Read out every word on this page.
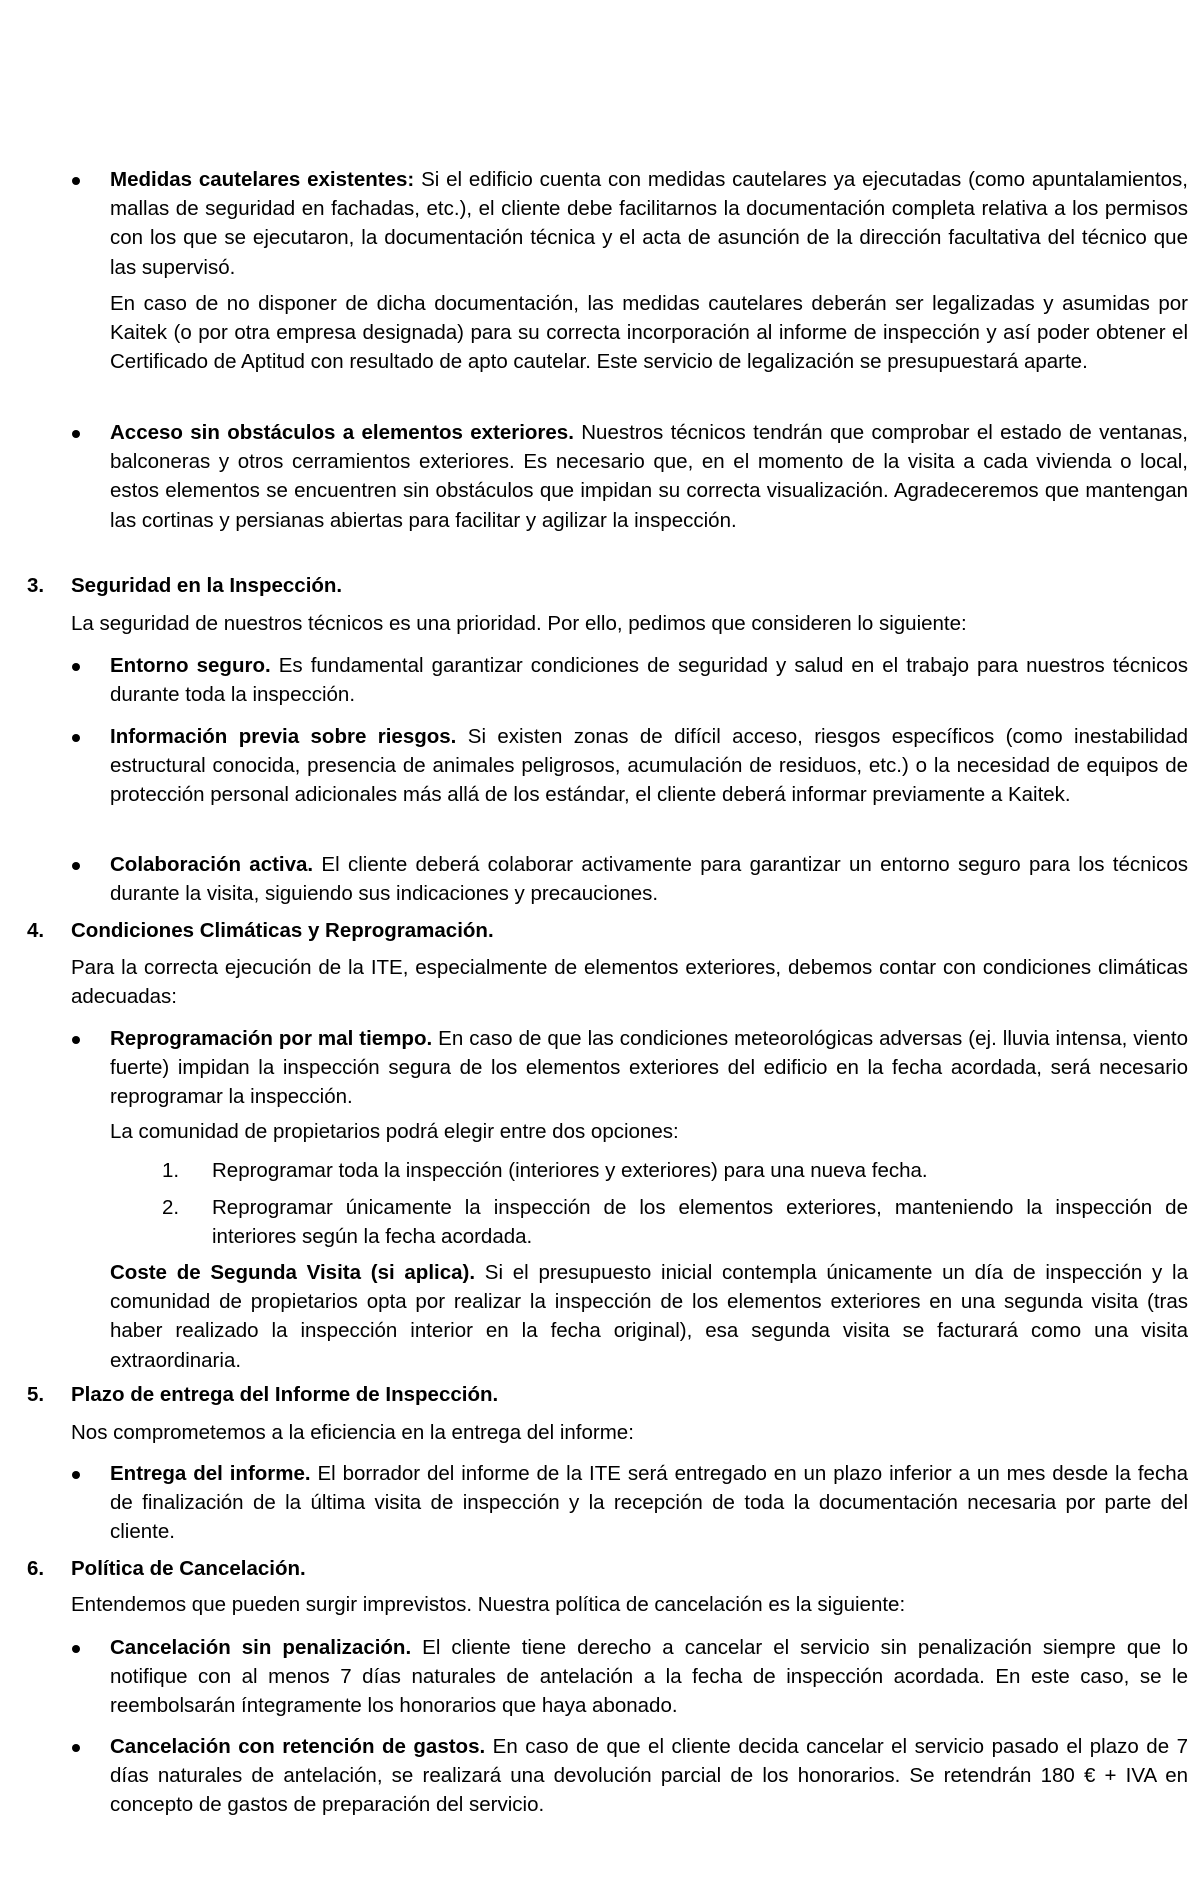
Medidas cautelares existentes: Si el edificio cuenta con medidas cautelares ya ejecutadas (como apuntalamientos, mallas de seguridad en fachadas, etc.), el cliente debe facilitarnos la documentación completa relativa a los permisos con los que se ejecutaron, la documentación técnica y el acta de asunción de la dirección facultativa del técnico que las supervisó.
En caso de no disponer de dicha documentación, las medidas cautelares deberán ser legalizadas y asumidas por Kaitek (o por otra empresa designada) para su correcta incorporación al informe de inspección y así poder obtener el Certificado de Aptitud con resultado de apto cautelar. Este servicio de legalización se presupuestará aparte.
Acceso sin obstáculos a elementos exteriores. Nuestros técnicos tendrán que comprobar el estado de ventanas, balconeras y otros cerramientos exteriores. Es necesario que, en el momento de la visita a cada vivienda o local, estos elementos se encuentren sin obstáculos que impidan su correcta visualización. Agradeceremos que mantengan las cortinas y persianas abiertas para facilitar y agilizar la inspección.
3.	Seguridad en la Inspección.
La seguridad de nuestros técnicos es una prioridad. Por ello, pedimos que consideren lo siguiente:
Entorno seguro. Es fundamental garantizar condiciones de seguridad y salud en el trabajo para nuestros técnicos durante toda la inspección.
Información previa sobre riesgos. Si existen zonas de difícil acceso, riesgos específicos (como inestabilidad estructural conocida, presencia de animales peligrosos, acumulación de residuos, etc.) o la necesidad de equipos de protección personal adicionales más allá de los estándar, el cliente deberá informar previamente a Kaitek.
Colaboración activa. El cliente deberá colaborar activamente para garantizar un entorno seguro para los técnicos durante la visita, siguiendo sus indicaciones y precauciones.
4.	Condiciones Climáticas y Reprogramación.
Para la correcta ejecución de la ITE, especialmente de elementos exteriores, debemos contar con condiciones climáticas adecuadas:
Reprogramación por mal tiempo. En caso de que las condiciones meteorológicas adversas (ej. lluvia intensa, viento fuerte) impidan la inspección segura de los elementos exteriores del edificio en la fecha acordada, será necesario reprogramar la inspección.
La comunidad de propietarios podrá elegir entre dos opciones:
1.	Reprogramar toda la inspección (interiores y exteriores) para una nueva fecha.
2.	Reprogramar únicamente la inspección de los elementos exteriores, manteniendo la inspección de interiores según la fecha acordada.
Coste de Segunda Visita (si aplica). Si el presupuesto inicial contempla únicamente un día de inspección y la comunidad de propietarios opta por realizar la inspección de los elementos exteriores en una segunda visita (tras haber realizado la inspección interior en la fecha original), esa segunda visita se facturará como una visita extraordinaria.
5.	Plazo de entrega del Informe de Inspección.
Nos comprometemos a la eficiencia en la entrega del informe:
Entrega del informe. El borrador del informe de la ITE será entregado en un plazo inferior a un mes desde la fecha de finalización de la última visita de inspección y la recepción de toda la documentación necesaria por parte del cliente.
6.	Política de Cancelación.
Entendemos que pueden surgir imprevistos. Nuestra política de cancelación es la siguiente:
Cancelación sin penalización. El cliente tiene derecho a cancelar el servicio sin penalización siempre que lo notifique con al menos 7 días naturales de antelación a la fecha de inspección acordada. En este caso, se le reembolsarán íntegramente los honorarios que haya abonado.
Cancelación con retención de gastos. En caso de que el cliente decida cancelar el servicio pasado el plazo de 7 días naturales de antelación, se realizará una devolución parcial de los honorarios. Se retendrán 180 € + IVA en concepto de gastos de preparación del servicio.
